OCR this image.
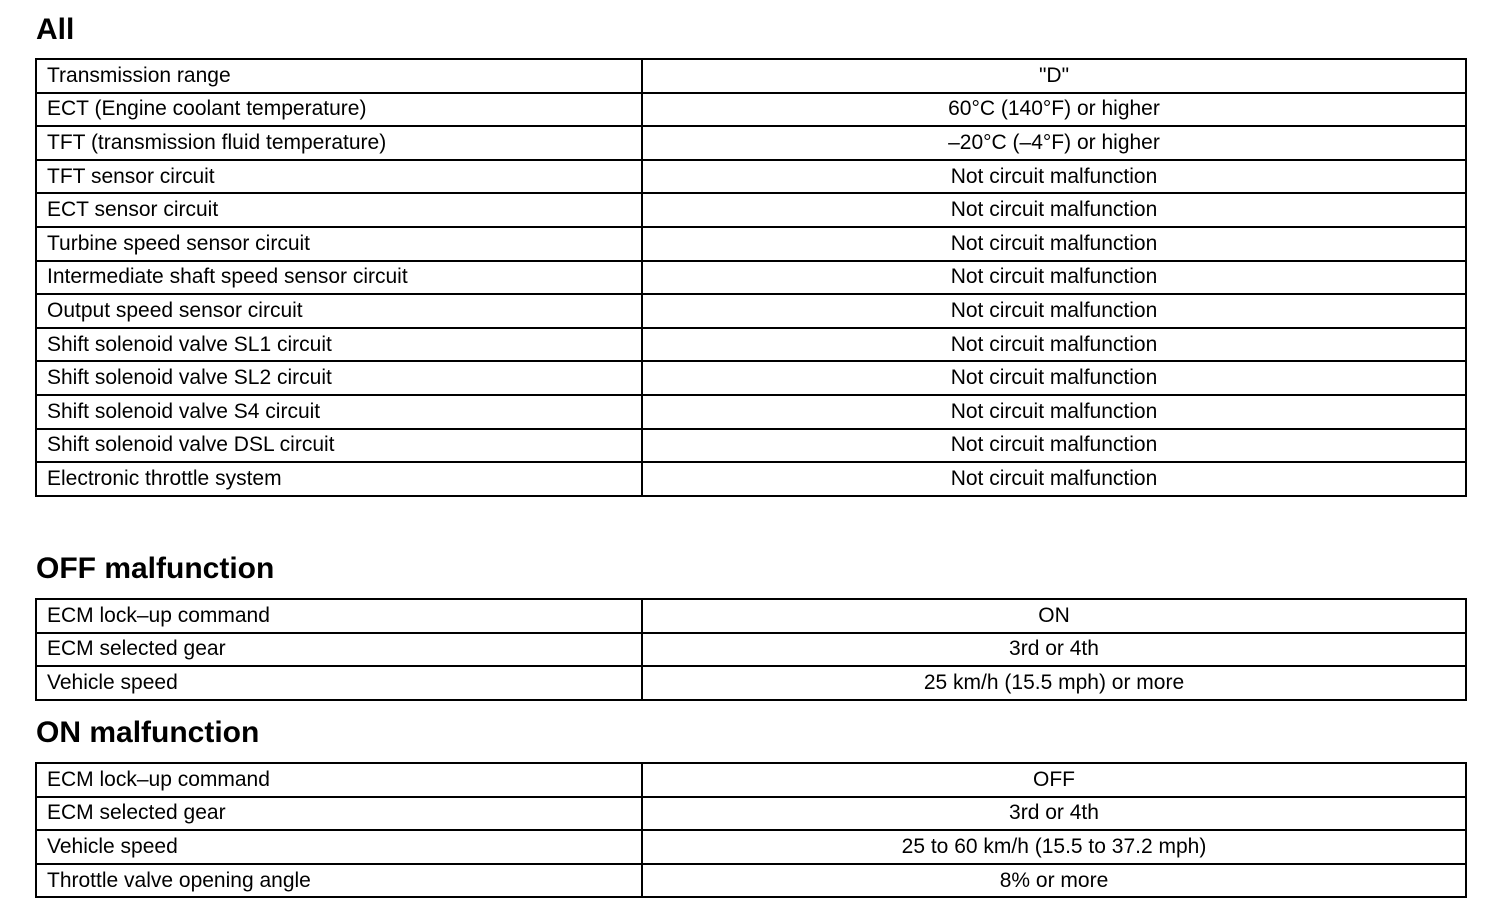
All
Transmission range	"D"
ECT (Engine coolant temperature)	60°C (140°F) or higher
TFT (transmission fluid temperature)	–20°C (–4°F) or higher
TFT sensor circuit	Not circuit malfunction
ECT sensor circuit	Not circuit malfunction
Turbine speed sensor circuit	Not circuit malfunction
Intermediate shaft speed sensor circuit	Not circuit malfunction
Output speed sensor circuit	Not circuit malfunction
Shift solenoid valve SL1 circuit	Not circuit malfunction
Shift solenoid valve SL2 circuit	Not circuit malfunction
Shift solenoid valve S4 circuit	Not circuit malfunction
Shift solenoid valve DSL circuit	Not circuit malfunction
Electronic throttle system	Not circuit malfunction
OFF malfunction
ECM lock–up command	ON
ECM selected gear	3rd or 4th
Vehicle speed	25 km/h (15.5 mph) or more
ON malfunction
ECM lock–up command	OFF
ECM selected gear	3rd or 4th
Vehicle speed	25 to 60 km/h (15.5 to 37.2 mph)
Throttle valve opening angle	8% or more
